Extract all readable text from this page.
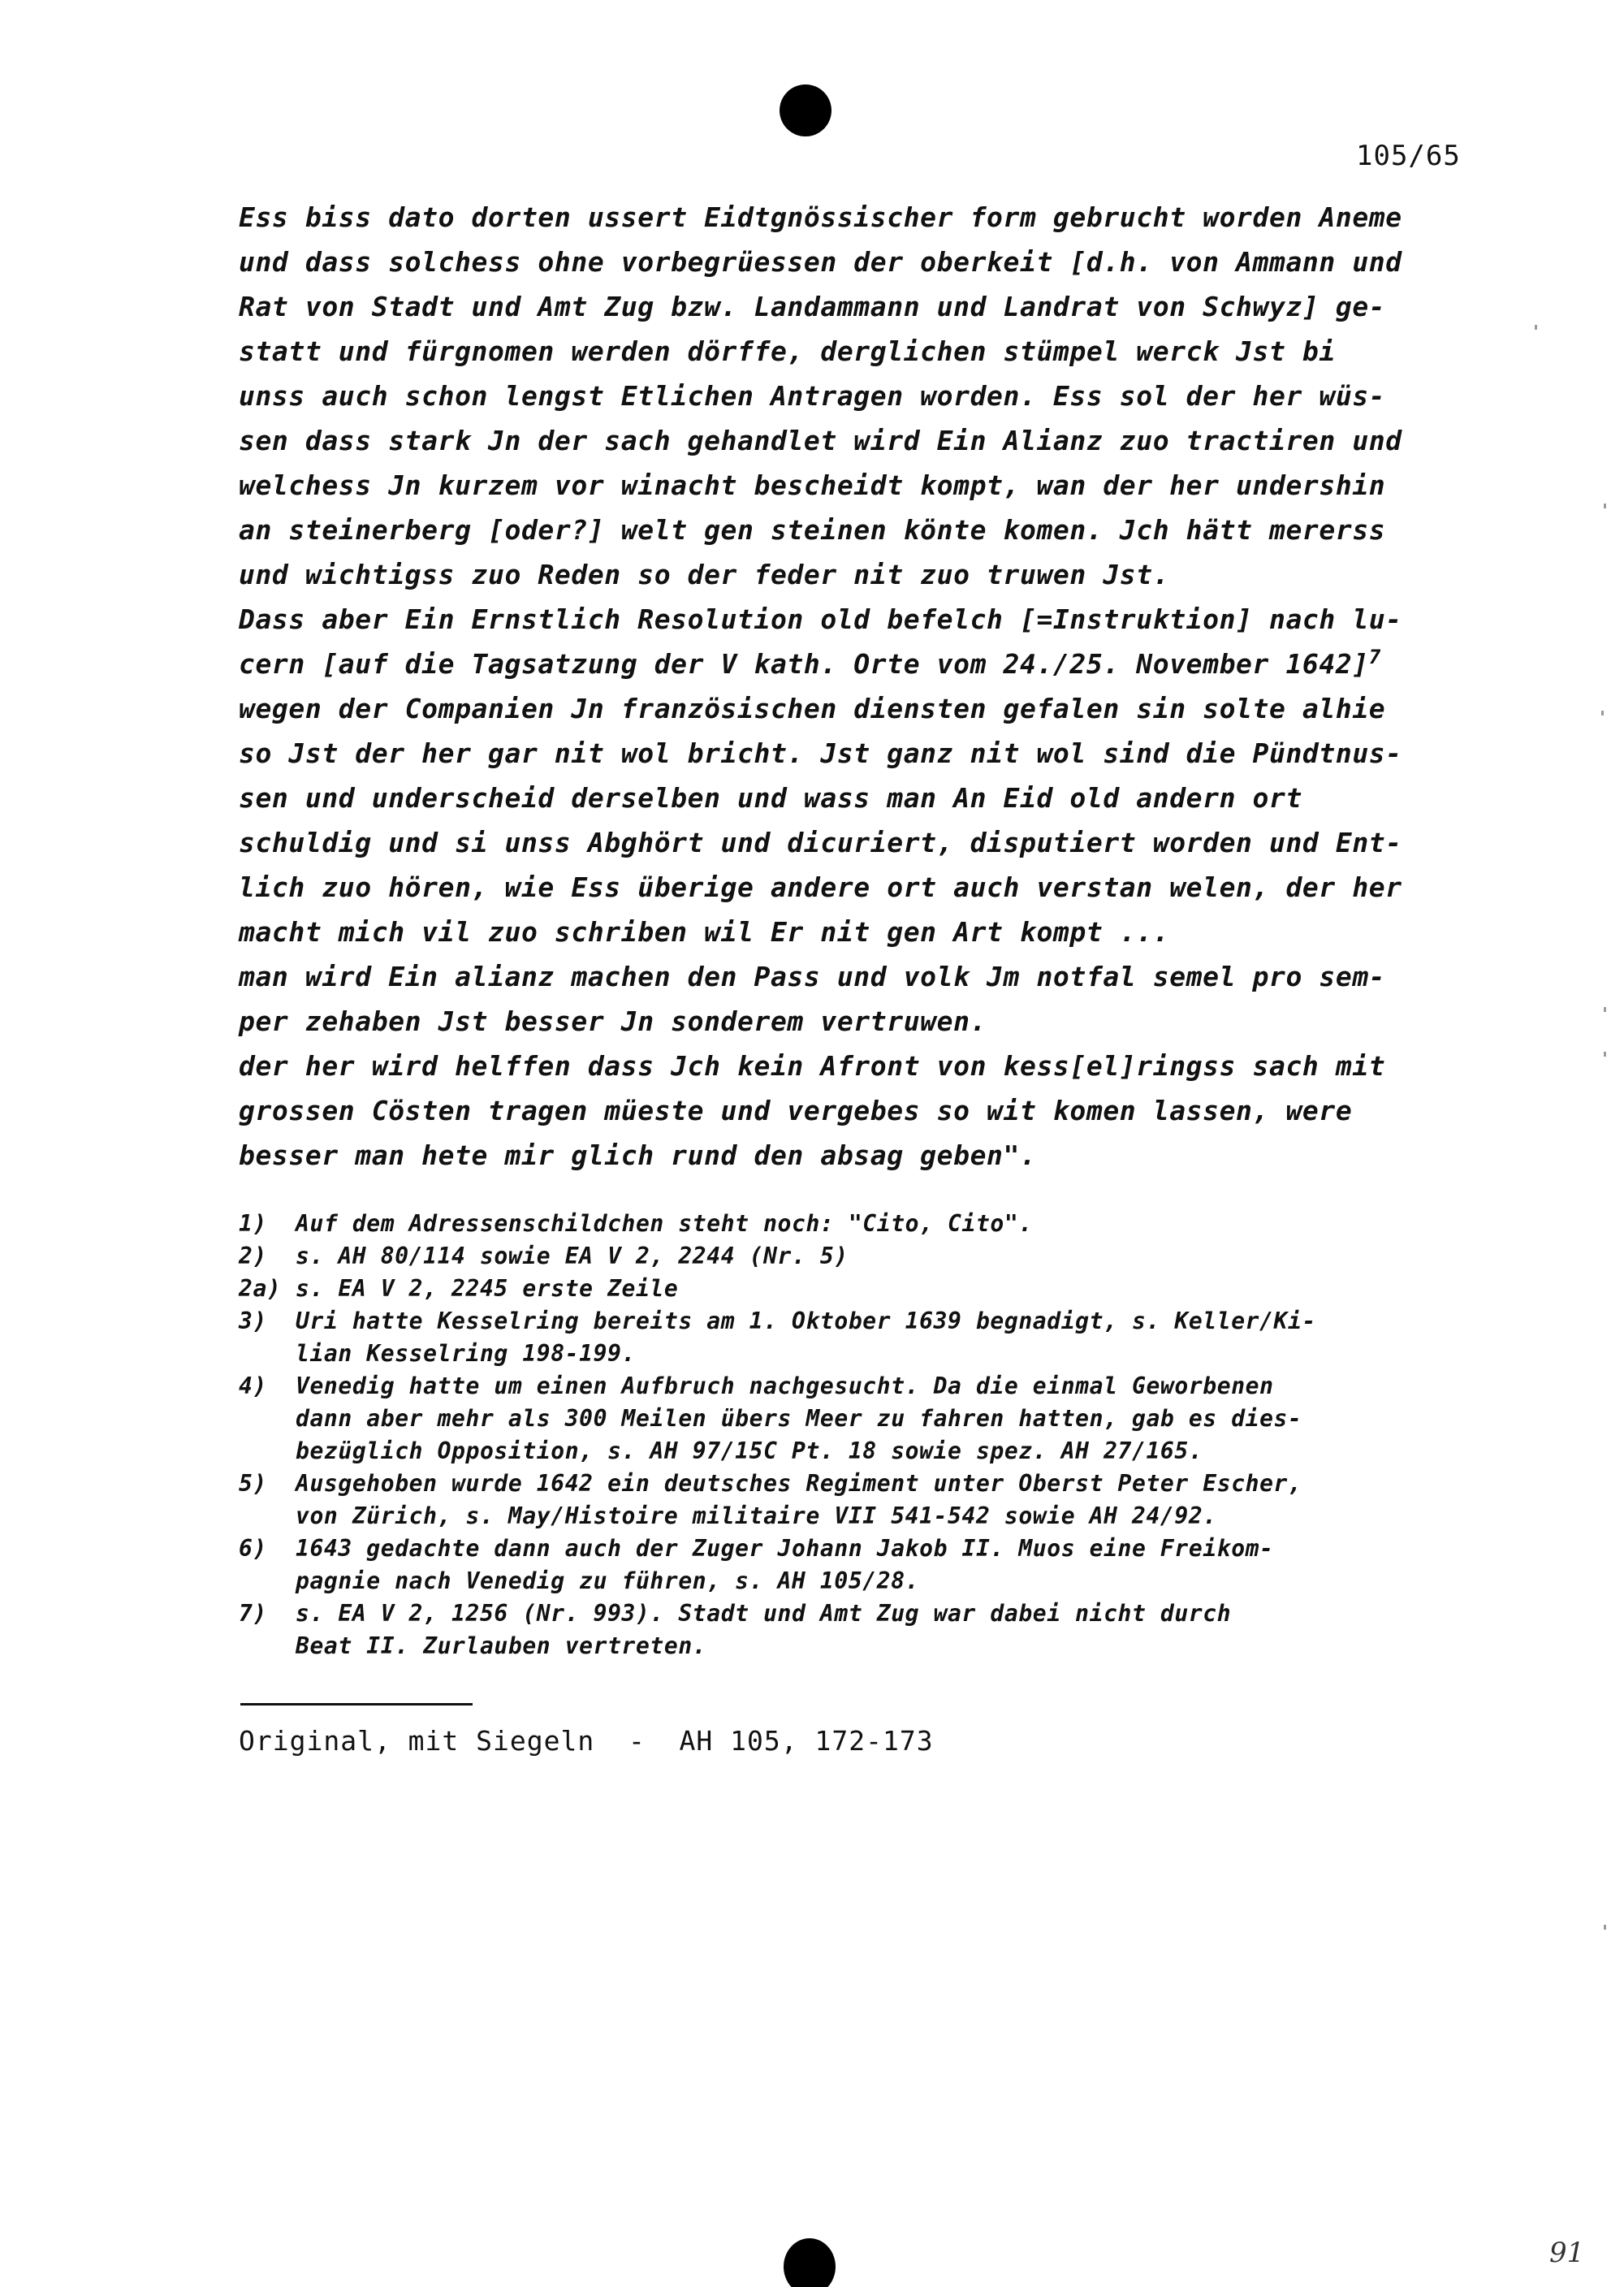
105/65
Ess biss dato dorten ussert Eidtgnössischer form gebrucht worden Aneme
und dass solchess ohne vorbegrüessen der oberkeit [d.h. von Ammann und
Rat von Stadt und Amt Zug bzw. Landammann und Landrat von Schwyz] ge-
statt und fürgnomen werden dörffe, derglichen stümpel werck Jst bi
unss auch schon lengst Etlichen Antragen worden. Ess sol der her wüs-
sen dass stark Jn der sach gehandlet wird Ein Alianz zuo tractiren und
welchess Jn kurzem vor winacht bescheidt kompt, wan der her undershin
an steinerberg [oder?] welt gen steinen könte komen. Jch hätt mererss
und wichtigss zuo Reden so der feder nit zuo truwen Jst.
Dass aber Ein Ernstlich Resolution old befelch [=Instruktion] nach lu-
cern [auf die Tagsatzung der V kath. Orte vom 24./25. November 1642]$^7$
wegen der Companien Jn französischen diensten gefalen sin solte alhie
so Jst der her gar nit wol bricht. Jst ganz nit wol sind die Pündtnus-
sen und underscheid derselben und wass man An Eid old andern ort
schuldig und si unss Abghört und dicuriert, disputiert worden und Ent-
lich zuo hören, wie Ess überige andere ort auch verstan welen, der her
macht mich vil zuo schriben wil Er nit gen Art kompt ...
man wird Ein alianz machen den Pass und volk Jm notfal semel pro sem-
per zehaben Jst besser Jn sonderem vertruwen.
der her wird helffen dass Jch kein Afront von kess[el]ringss sach mit
grossen Cösten tragen müeste und vergebes so wit komen lassen, were
besser man hete mir glich rund den absag geben".
1)	Auf dem Adressenschildchen steht noch: "Cito, Cito".
2)	s. AH 80/114 sowie EA V 2, 2244 (Nr. 5)
2a) s. EA V 2, 2245 erste Zeile
3)	Uri hatte Kesselring bereits am 1. Oktober 1639 begnadigt, s. Keller/Ki-
lian Kesselring 198-199.
4)	Venedig hatte um einen Aufbruch nachgesucht. Da die einmal Geworbenen
dann aber mehr als 300 Meilen übers Meer zu fahren hatten, gab es dies-
bezüglich Opposition, s. AH 97/15C Pt. 18 sowie spez. AH 27/165.
5)	Ausgehoben wurde 1642 ein deutsches Regiment unter Oberst Peter Escher,
von Zürich, s. May/Histoire militaire VII 541-542 sowie AH 24/92.
6)	1643 gedachte dann auch der Zuger Johann Jakob II. Muos eine Freikom-
pagnie nach Venedig zu führen, s. AH 105/28.
7)	s. EA V 2, 1256 (Nr. 993). Stadt und Amt Zug war dabei nicht durch
Beat II. Zurlauben vertreten.
Original, mit Siegeln  -  AH 105, 172-173
91
